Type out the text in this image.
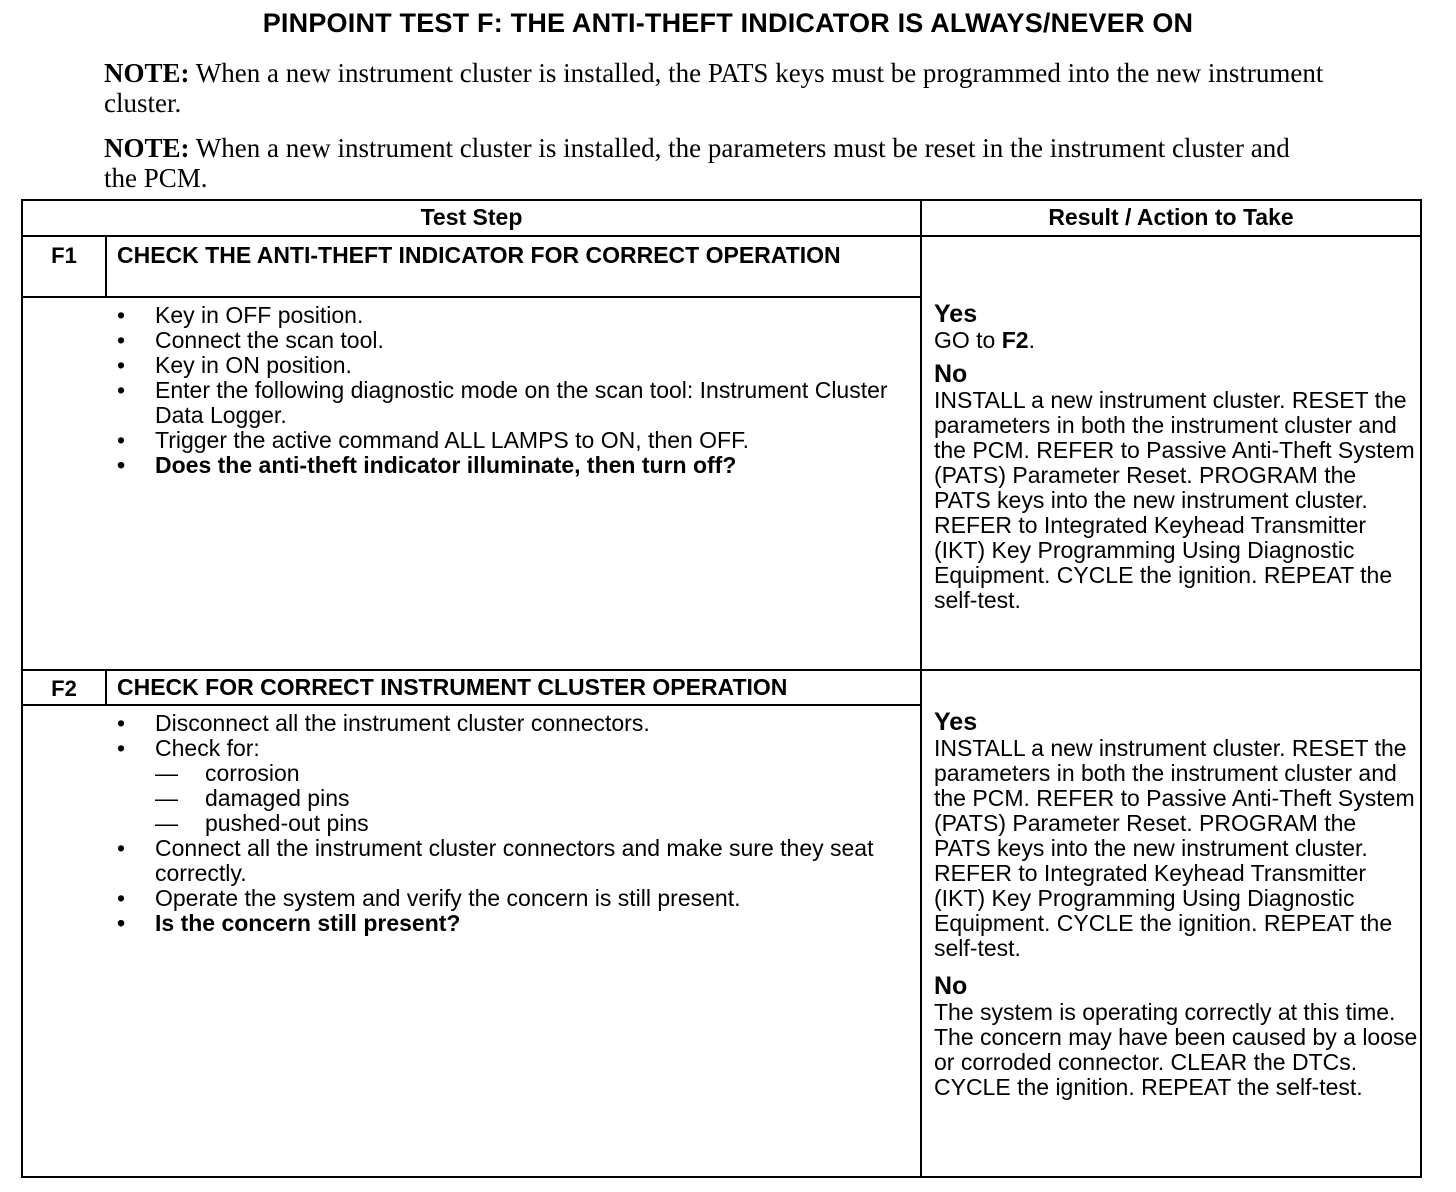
PINPOINT TEST F: THE ANTI-THEFT INDICATOR IS ALWAYS/NEVER ON
NOTE: When a new instrument cluster is installed, the PATS keys must be programmed into the new instrument cluster.
NOTE: When a new instrument cluster is installed, the parameters must be reset in the instrument cluster and the PCM.
Test Step	Result / Action to Take
F1	CHECK THE ANTI-THEFT INDICATOR FOR CORRECT OPERATION
• Key in OFF position.
• Connect the scan tool.
• Key in ON position.
• Enter the following diagnostic mode on the scan tool: Instrument Cluster Data Logger.
• Trigger the active command ALL LAMPS to ON, then OFF.
• Does the anti-theft indicator illuminate, then turn off?
Yes
GO to F2.
No
INSTALL a new instrument cluster. RESET the parameters in both the instrument cluster and the PCM. REFER to Passive Anti-Theft System (PATS) Parameter Reset. PROGRAM the PATS keys into the new instrument cluster. REFER to Integrated Keyhead Transmitter (IKT) Key Programming Using Diagnostic Equipment. CYCLE the ignition. REPEAT the self-test.
F2	CHECK FOR CORRECT INSTRUMENT CLUSTER OPERATION
• Disconnect all the instrument cluster connectors.
• Check for:
— corrosion
— damaged pins
— pushed-out pins
• Connect all the instrument cluster connectors and make sure they seat correctly.
• Operate the system and verify the concern is still present.
• Is the concern still present?
Yes
INSTALL a new instrument cluster. RESET the parameters in both the instrument cluster and the PCM. REFER to Passive Anti-Theft System (PATS) Parameter Reset. PROGRAM the PATS keys into the new instrument cluster. REFER to Integrated Keyhead Transmitter (IKT) Key Programming Using Diagnostic Equipment. CYCLE the ignition. REPEAT the self-test.
No
The system is operating correctly at this time. The concern may have been caused by a loose or corroded connector. CLEAR the DTCs. CYCLE the ignition. REPEAT the self-test.
